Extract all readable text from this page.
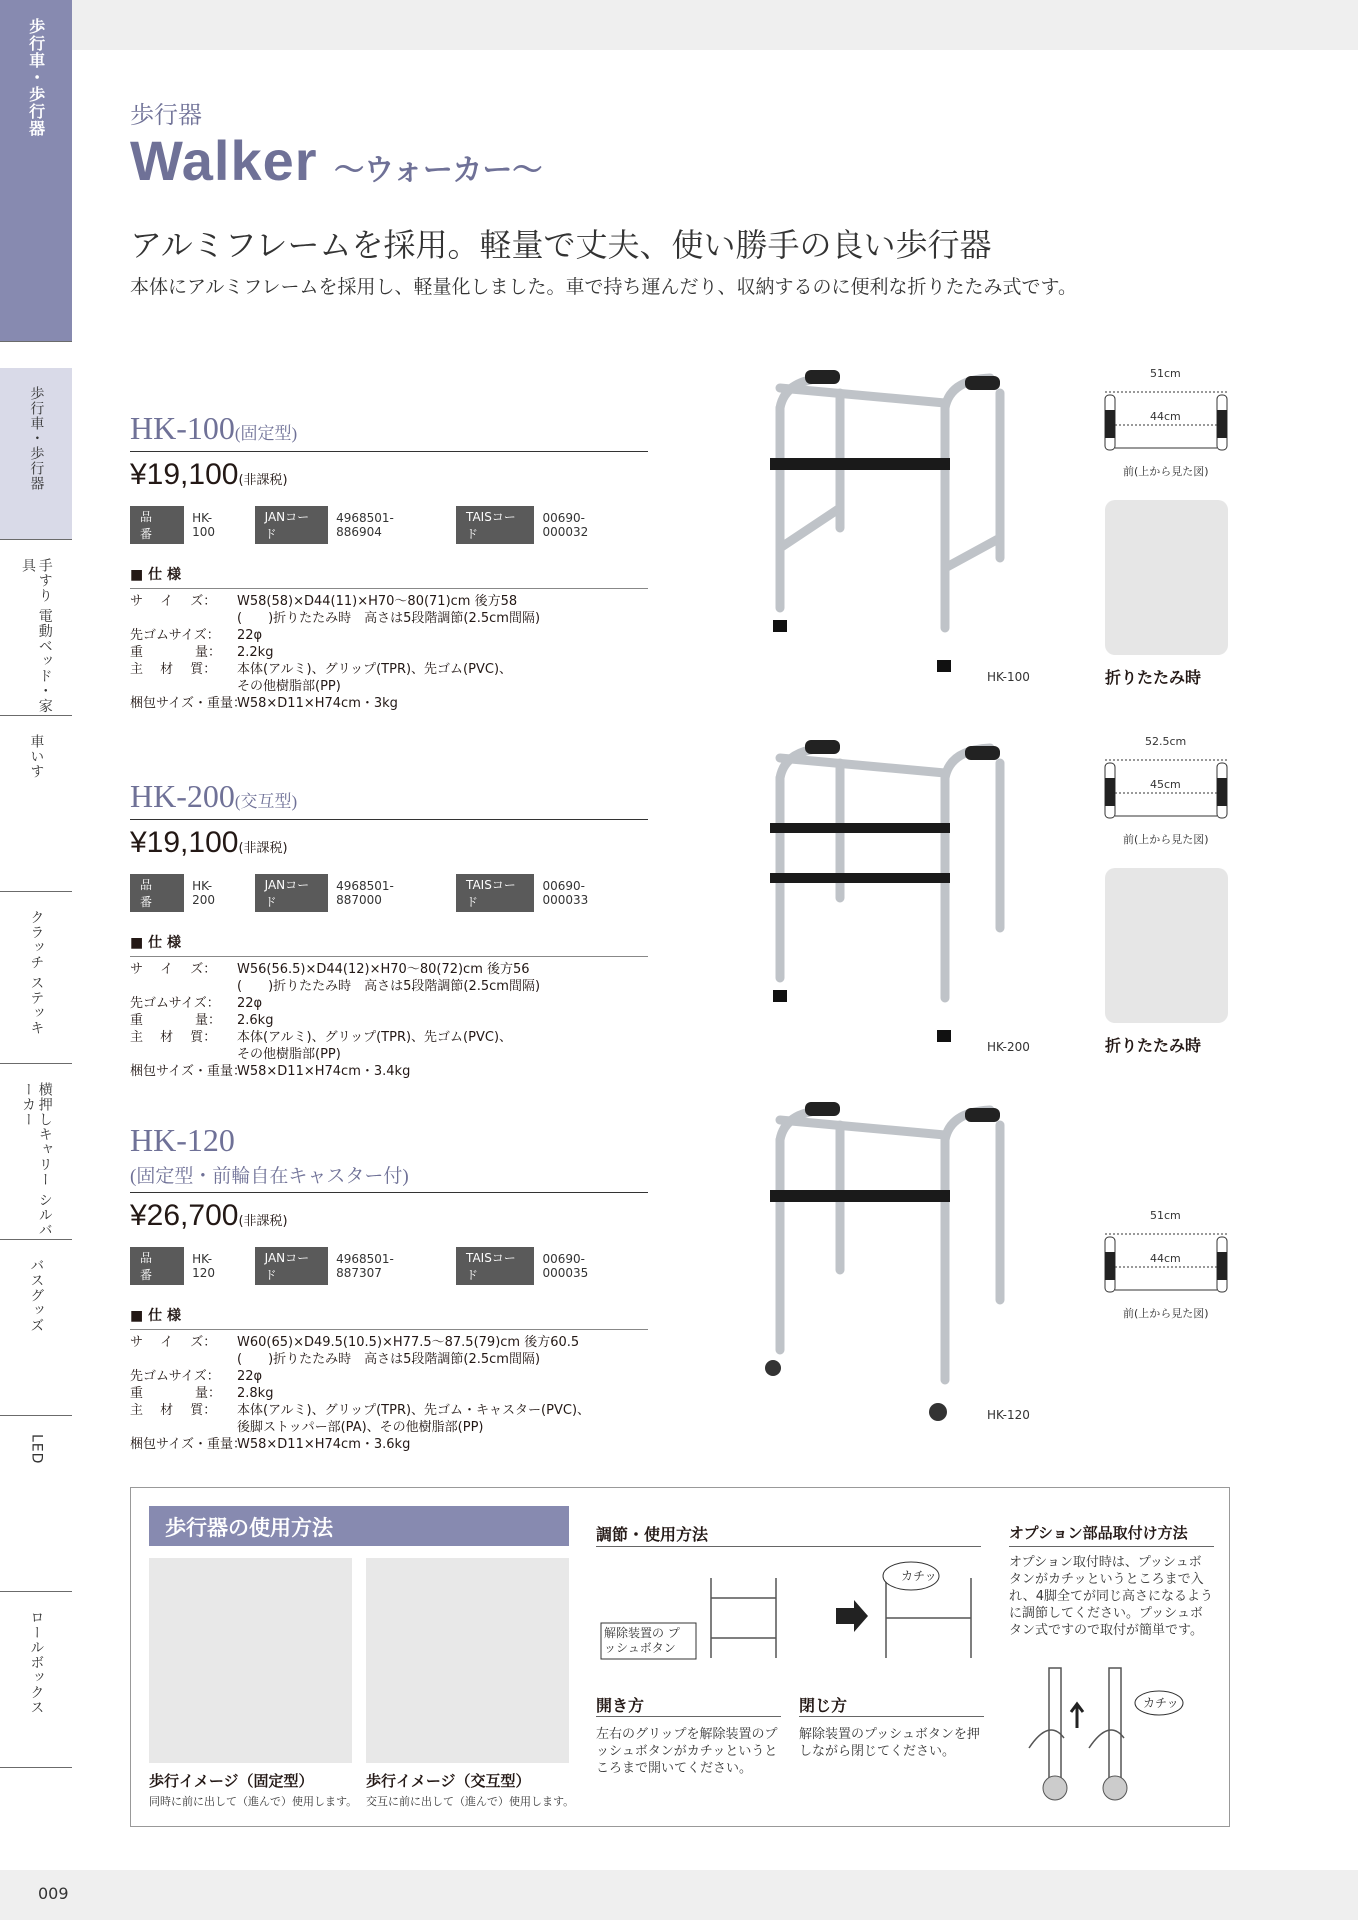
歩行車・歩行器
歩行車・歩行器
手すり 電動ベッド・家具
車いす
クラッチ ステッキ
横押しキャリー シルバーカー
バスグッズ
LED
ロールボックス
歩行器
Walker 〜ウォーカー〜
アルミフレームを採用。軽量で丈夫、使い勝手の良い歩行器
本体にアルミフレームを採用し、軽量化しました。車で持ち運んだり、収納するのに便利な折りたたみ式です。
HK-100(固定型)
¥19,100(非課税)
品　番
HK-100
JANコード
4968501-886904
TAISコード
00690-000032
■ 仕 様
サ　 イ 　ズ：	W58(58)×D44(11)×H70〜80(71)cm 後方58
(　　)折りたたみ時　高さは5段階調節(2.5cm間隔)
先ゴムサイズ：	22φ
重　　　　量：	2.2kg
主　 材 　質：	本体(アルミ)、グリップ(TPR)、先ゴム(PVC)、
その他樹脂部(PP)
梱包サイズ・重量：
W58×D11×H74cm・3kg
HK-200(交互型)
¥19,100(非課税)
品　番
HK-200
JANコード
4968501-887000
TAISコード
00690-000033
■ 仕 様
サ　 イ 　ズ：	W56(56.5)×D44(12)×H70〜80(72)cm 後方56
(　　)折りたたみ時　高さは5段階調節(2.5cm間隔)
先ゴムサイズ：	22φ
重　　　　量：	2.6kg
主　 材 　質：	本体(アルミ)、グリップ(TPR)、先ゴム(PVC)、
その他樹脂部(PP)
梱包サイズ・重量：
W58×D11×H74cm・3.4kg
HK-120
(固定型・前輪自在キャスター付)
¥26,700(非課税)
品　番
HK-120
JANコード
4968501-887307
TAISコード
00690-000035
■ 仕 様
サ　 イ 　ズ：	W60(65)×D49.5(10.5)×H77.5〜87.5(79)cm 後方60.5
(　　)折りたたみ時　高さは5段階調節(2.5cm間隔)
先ゴムサイズ：	22φ
重　　　　量：	2.8kg
主　 材 　質：	本体(アルミ)、グリップ(TPR)、先ゴム・キャスター(PVC)、
後脚ストッパー部(PA)、その他樹脂部(PP)
梱包サイズ・重量：
W58×D11×H74cm・3.6kg
HK-100
HK-200
HK-120
51cm
44cm
前(上から見た図)
折りたたみ時
52.5cm
45cm
前(上から見た図)
折りたたみ時
51cm
44cm
前(上から見た図)
歩行器の使用方法
歩行イメージ（固定型）
同時に前に出して（進んで）使用します。
歩行イメージ（交互型）
交互に前に出して（進んで）使用します。
調節・使用方法
解除装置の プッシュボタン
カチッ
開き方
左右のグリップを解除装置のプッシュボタンがカチッというところまで開いてください。
閉じ方
解除装置のプッシュボタンを押しながら閉じてください。
オプション部品取付け方法
オプション取付時は、プッシュボタンがカチッというところまで入れ、4脚全てが同じ高さになるように調節してください。プッシュボタン式ですので取付が簡単です。
カチッ
009
